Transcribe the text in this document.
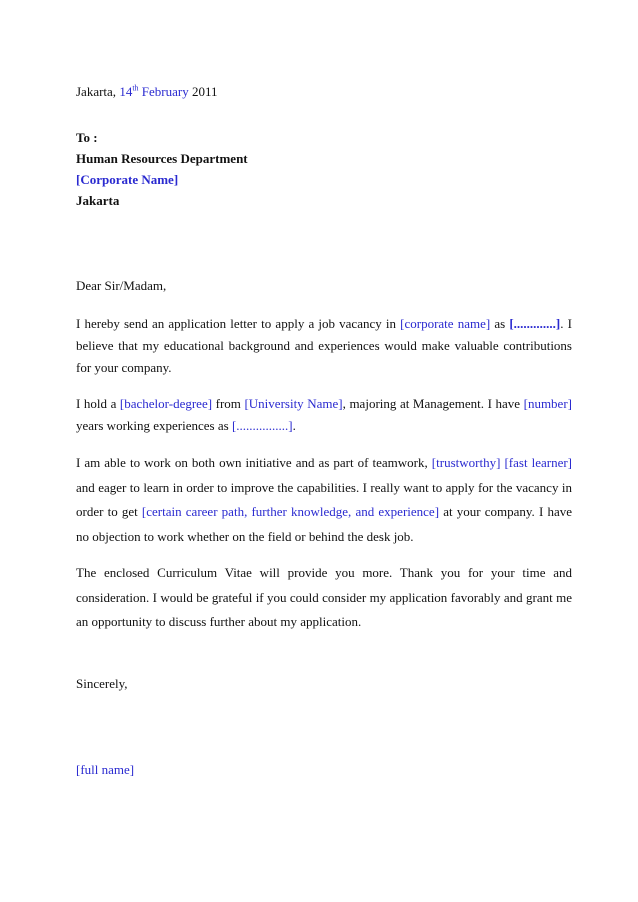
Jakarta, 14th February 2011
To :
Human Resources Department
[Corporate Name]
Jakarta
Dear Sir/Madam,

I hereby send an application letter to apply a job vacancy in [corporate name] as [.............]. I believe that my educational background and experiences would make valuable contributions for your company.

I hold a [bachelor-degree] from [University Name], majoring at Management. I have [number] years working experiences as [................].

I am able to work on both own initiative and as part of teamwork, [trustworthy] [fast learner] and eager to learn in order to improve the capabilities. I really want to apply for the vacancy in order to get [certain career path, further knowledge, and experience] at your company. I have no objection to work whether on the field or behind the desk job.

The enclosed Curriculum Vitae will provide you more. Thank you for your time and consideration. I would be grateful if you could consider my application favorably and grant me an opportunity to discuss further about my application.

Sincerely,
[full name]
